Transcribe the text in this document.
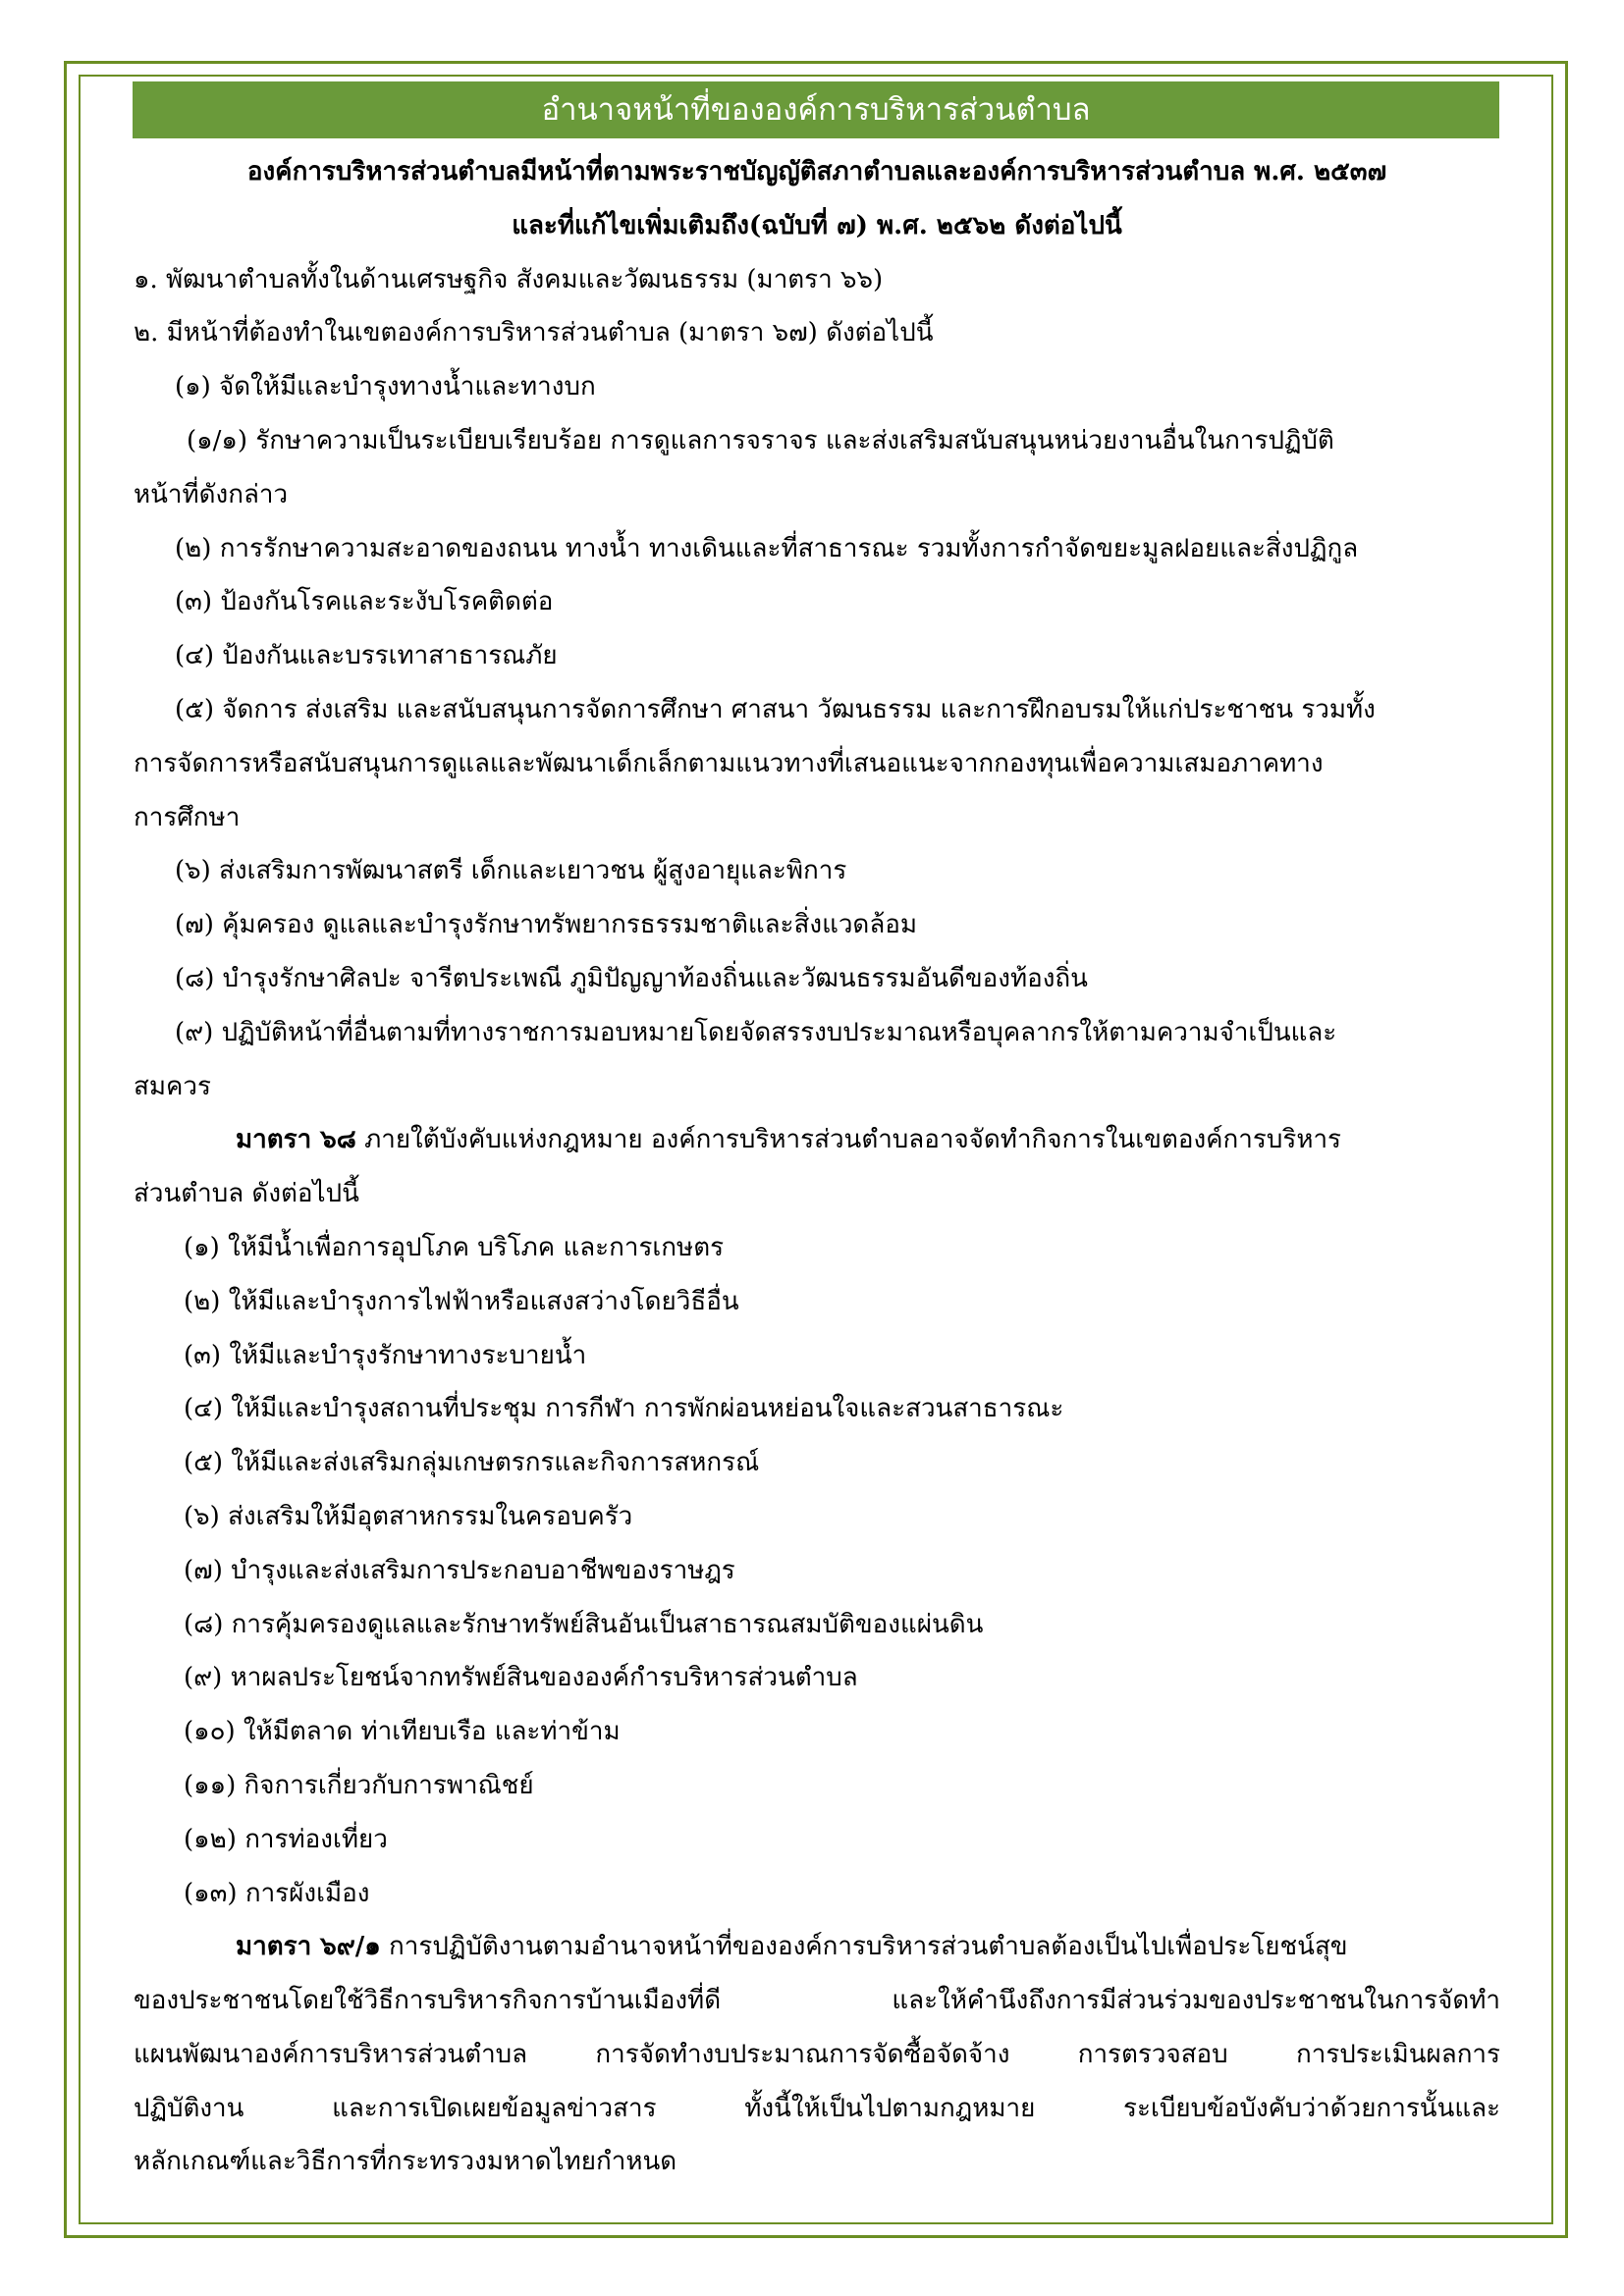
อำนาจหน้าที่ขององค์การบริหารส่วนตำบล
องค์การบริหารส่วนตำบลมีหน้าที่ตามพระราชบัญญัติสภาตำบลและองค์การบริหารส่วนตำบล พ.ศ. ๒๕๓๗
และที่แก้ไขเพิ่มเติมถึง(ฉบับที่ ๗) พ.ศ. ๒๕๖๒ ดังต่อไปนี้
๑. พัฒนาตำบลทั้งในด้านเศรษฐกิจ สังคมและวัฒนธรรม (มาตรา ๖๖)
๒. มีหน้าที่ต้องทำในเขตองค์การบริหารส่วนตำบล (มาตรา ๖๗) ดังต่อไปนี้
(๑) จัดให้มีและบำรุงทางน้ำและทางบก
(๑/๑) รักษาความเป็นระเบียบเรียบร้อย การดูแลการจราจร และส่งเสริมสนับสนุนหน่วยงานอื่นในการปฏิบัติ
หน้าที่ดังกล่าว
(๒) การรักษาความสะอาดของถนน ทางน้ำ ทางเดินและที่สาธารณะ รวมทั้งการกำจัดขยะมูลฝอยและสิ่งปฏิกูล
(๓) ป้องกันโรคและระงับโรคติดต่อ
(๔) ป้องกันและบรรเทาสาธารณภัย
(๕) จัดการ ส่งเสริม และสนับสนุนการจัดการศึกษา ศาสนา วัฒนธรรม และการฝึกอบรมให้แก่ประชาชน รวมทั้ง
การจัดการหรือสนับสนุนการดูแลและพัฒนาเด็กเล็กตามแนวทางที่เสนอแนะจากกองทุนเพื่อความเสมอภาคทาง
การศึกษา
(๖) ส่งเสริมการพัฒนาสตรี เด็กและเยาวชน ผู้สูงอายุและพิการ
(๗) คุ้มครอง ดูแลและบำรุงรักษาทรัพยากรธรรมชาติและสิ่งแวดล้อม
(๘) บำรุงรักษาศิลปะ จารีตประเพณี ภูมิปัญญาท้องถิ่นและวัฒนธรรมอันดีของท้องถิ่น
(๙) ปฏิบัติหน้าที่อื่นตามที่ทางราชการมอบหมายโดยจัดสรรงบประมาณหรือบุคลากรให้ตามความจำเป็นและ
สมควร
มาตรา ๖๘ ภายใต้บังคับแห่งกฎหมาย องค์การบริหารส่วนตำบลอาจจัดทำกิจการในเขตองค์การบริหาร
ส่วนตำบล ดังต่อไปนี้
(๑) ให้มีน้ำเพื่อการอุปโภค บริโภค และการเกษตร
(๒) ให้มีและบำรุงการไฟฟ้าหรือแสงสว่างโดยวิธีอื่น
(๓) ให้มีและบำรุงรักษาทางระบายน้ำ
(๔) ให้มีและบำรุงสถานที่ประชุม การกีฬา การพักผ่อนหย่อนใจและสวนสาธารณะ
(๕) ให้มีและส่งเสริมกลุ่มเกษตรกรและกิจการสหกรณ์
(๖) ส่งเสริมให้มีอุตสาหกรรมในครอบครัว
(๗) บำรุงและส่งเสริมการประกอบอาชีพของราษฎร
(๘) การคุ้มครองดูแลและรักษาทรัพย์สินอันเป็นสาธารณสมบัติของแผ่นดิน
(๙) หาผลประโยชน์จากทรัพย์สินขององค์กำรบริหารส่วนตำบล
(๑๐) ให้มีตลาด ท่าเทียบเรือ และท่าข้าม
(๑๑) กิจการเกี่ยวกับการพาณิชย์
(๑๒) การท่องเที่ยว
(๑๓) การผังเมือง
มาตรา ๖๙/๑ การปฏิบัติงานตามอำนาจหน้าที่ขององค์การบริหารส่วนตำบลต้องเป็นไปเพื่อประโยชน์สุข
ของประชาชนโดยใช้วิธีการบริหารกิจการบ้านเมืองที่ดี และให้คำนึงถึงการมีส่วนร่วมของประชาชนในการจัดทำ
แผนพัฒนาองค์การบริหารส่วนตำบล การจัดทำงบประมาณการจัดซื้อจัดจ้าง การตรวจสอบ การประเมินผลการ
ปฏิบัติงาน และการเปิดเผยข้อมูลข่าวสาร ทั้งนี้ให้เป็นไปตามกฎหมาย ระเบียบข้อบังคับว่าด้วยการนั้นและ
หลักเกณฑ์และวิธีการที่กระทรวงมหาดไทยกำหนด
